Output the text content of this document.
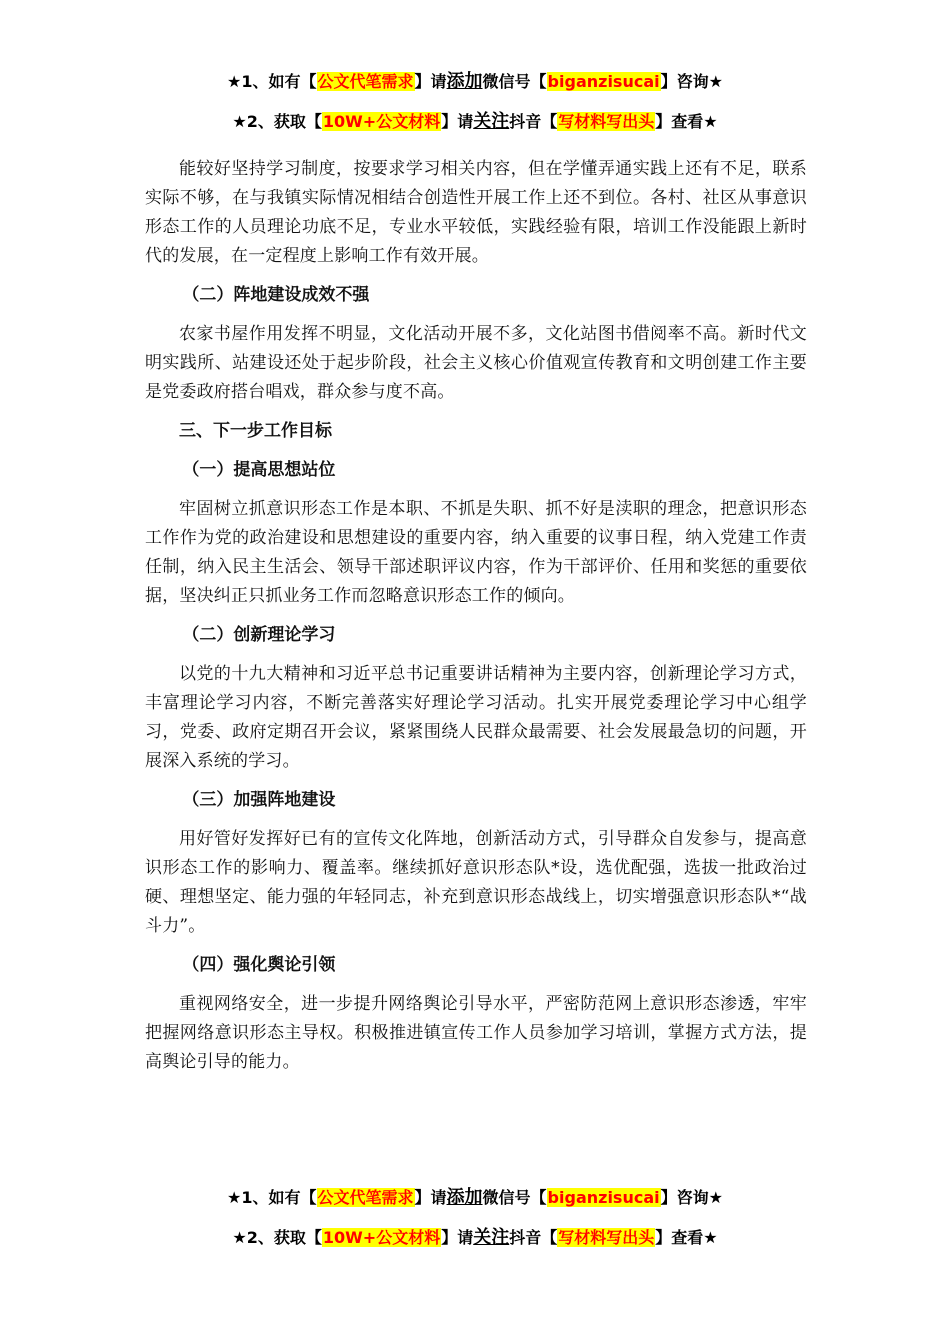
★1、如有【公文代笔需求】请添加微信号【biganzisucai】咨询★
★2、获取【10W+公文材料】请关注抖音【写材料写出头】查看★

能较好坚持学习制度，按要求学习相关内容，但在学懂弄通实践上还有不足，联系实际不够，在与我镇实际情况相结合创造性开展工作上还不到位。各村、社区从事意识形态工作的人员理论功底不足，专业水平较低，实践经验有限，培训工作没能跟上新时代的发展，在一定程度上影响工作有效开展。

（二）阵地建设成效不强

农家书屋作用发挥不明显，文化活动开展不多，文化站图书借阅率不高。新时代文明实践所、站建设还处于起步阶段，社会主义核心价值观宣传教育和文明创建工作主要是党委政府搭台唱戏，群众参与度不高。

三、下一步工作目标

（一）提高思想站位

牢固树立抓意识形态工作是本职、不抓是失职、抓不好是渎职的理念，把意识形态工作作为党的政治建设和思想建设的重要内容，纳入重要的议事日程，纳入党建工作责任制，纳入民主生活会、领导干部述职评议内容，作为干部评价、任用和奖惩的重要依据，坚决纠正只抓业务工作而忽略意识形态工作的倾向。

（二）创新理论学习

以党的十九大精神和习近平总书记重要讲话精神为主要内容，创新理论学习方式，丰富理论学习内容，不断完善落实好理论学习活动。扎实开展党委理论学习中心组学习，党委、政府定期召开会议，紧紧围绕人民群众最需要、社会发展最急切的问题，开展深入系统的学习。

（三）加强阵地建设

用好管好发挥好已有的宣传文化阵地，创新活动方式，引导群众自发参与，提高意识形态工作的影响力、覆盖率。继续抓好意识形态队*设，选优配强，选拔一批政治过硬、理想坚定、能力强的年轻同志，补充到意识形态战线上，切实增强意识形态队*“战斗力”。

（四）强化舆论引领

重视网络安全，进一步提升网络舆论引导水平，严密防范网上意识形态渗透，牢牢把握网络意识形态主导权。积极推进镇宣传工作人员参加学习培训，掌握方式方法，提高舆论引导的能力。

★1、如有【公文代笔需求】请添加微信号【biganzisucai】咨询★
★2、获取【10W+公文材料】请关注抖音【写材料写出头】查看★
